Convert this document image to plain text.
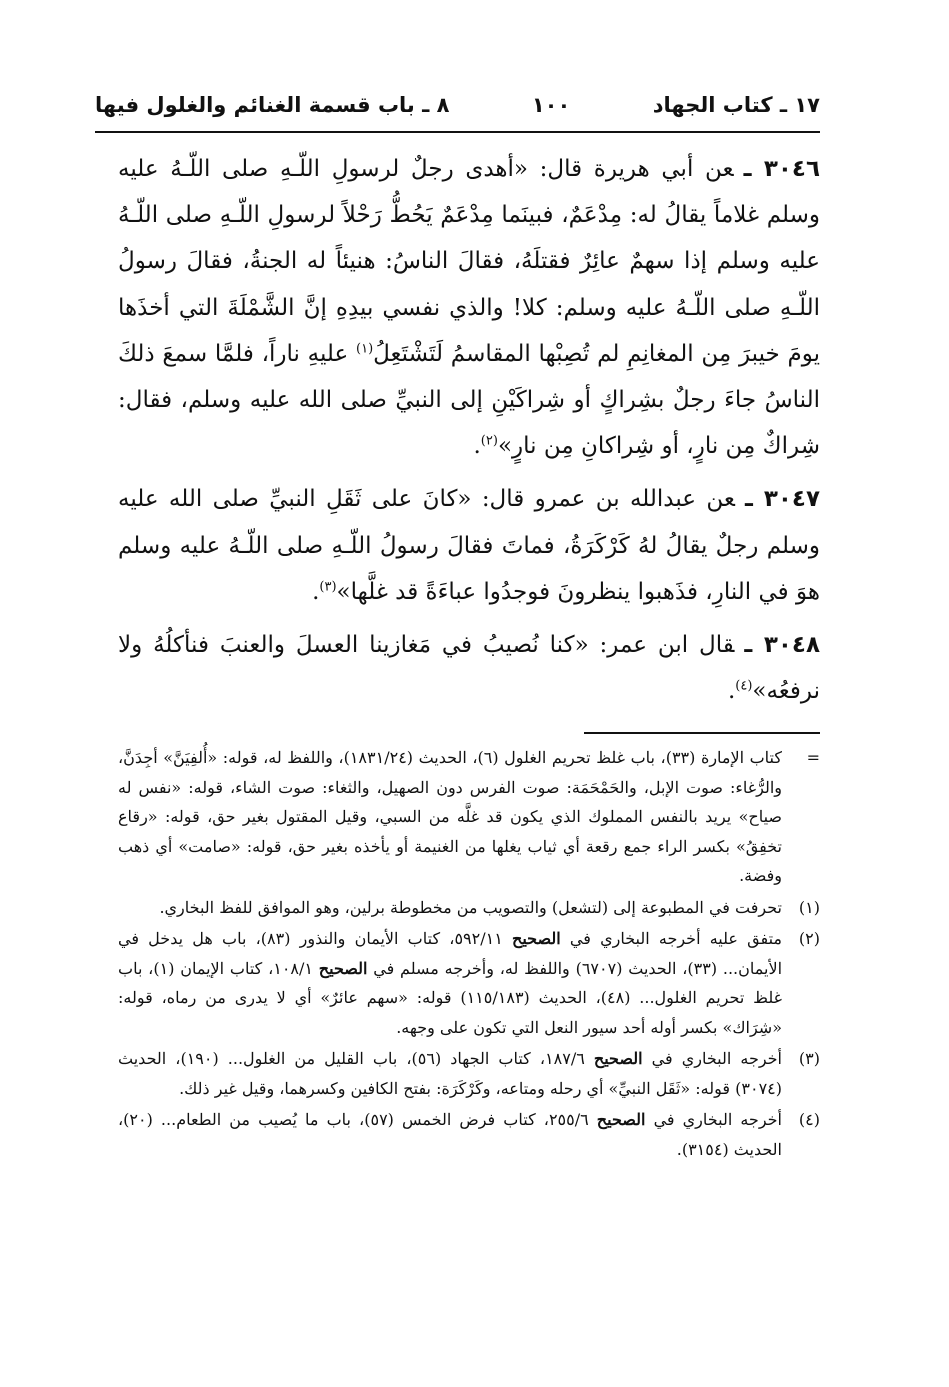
١٧ ـ كتاب الجهاد
١٠٠
٨ ـ باب قسمة الغنائم والغلول فيها

٣٠٤٦ ـعن أبي هريرة قال: «أهدى رجلٌ لرسولِ اللّـهِ صلى اللّـهُ عليه وسلم غلاماً يقالُ له: مِدْعَمٌ، فبينَما مِدْعَمٌ يَحُطُّ رَحْلاً لرسولِ اللّـهِ صلى اللّـهُ عليه وسلم إذا سهمٌ عائِرٌ فقتلَهُ، فقالَ الناسُ: هنيئاً له الجنةُ، فقالَ رسولُ اللّـهِ صلى اللّـهُ عليه وسلم: كلا! والذي نفسي بيدِهِ إنَّ الشَّمْلَةَ التي أخذَها يومَ خيبرَ مِن المغانِمِ لم تُصِبْها المقاسمُ لَتَشْتَعِلُ$^{(١)}$ عليهِ ناراً، فلمَّا سمعَ ذلكَ الناسُ جاءَ رجلٌ بشِراكٍ أو شِراكَيْنِ إلى النبيِّ صلى الله عليه وسلم، فقال: شِراكٌ مِن نارٍ، أو شِراكانِ مِن نارٍ»$^{(٢)}$.

٣٠٤٧ ـعن عبدالله بن عمرو قال: «كانَ على ثَقَلِ النبيِّ صلى الله عليه وسلم رجلٌ يقالُ لهُ كَرْكَرَةُ، فماتَ فقالَ رسولُ اللّـهِ صلى اللّـهُ عليه وسلم هوَ في النارِ، فذَهبوا ينظرونَ فوجدُوا عباءَةً قد غلَّها»$^{(٣)}$.

٣٠٤٨ ـقال ابن عمر: «كنا نُصيبُ في مَغازينا العسلَ والعنبَ فنأكلُهُ ولا نرفعُه»$^{(٤)}$.

=
كتاب الإمارة (٣٣)، باب غلظ تحريم الغلول (٦)، الحديث (١٨٣١/٢٤)، واللفظ له، قوله: «أُلفِيَنَّ» أجِدَنَّ، والرُّغاء: صوت الإبل، والحَمْحَمَة: صوت الفرس دون الصهيل، والثغاء: صوت الشاء، قوله: «نفس له صياح» يريد بالنفس المملوك الذي يكون قد غلَّه من السبي، وقيل المقتول بغير حق، قوله: «رقاع تخفِقُ» بكسر الراء جمع رقعة أي ثياب يغلها من الغنيمة أو يأخذه بغير حق، قوله: «صامت» أي ذهب وفضة.
(١)
تحرفت في المطبوعة إلى (لتشعل) والتصويب من مخطوطة برلين، وهو الموافق للفظ البخاري.
(٢)
متفق عليه أخرجه البخاري في الصحيح ٥٩٢/١١، كتاب الأيمان والنذور (٨٣)، باب هل يدخل في الأيمان... (٣٣)، الحديث (٦٧٠٧) واللفظ له، وأخرجه مسلم في الصحيح ١٠٨/١، كتاب الإيمان (١)، باب غلظ تحريم الغلول... (٤٨)، الحديث (١١٥/١٨٣) قوله: «سهم عائرٌ» أي لا يدرى من رماه، قوله: «شِرَاك» بكسر أوله أحد سيور النعل التي تكون على وجهه.
(٣)
أخرجه البخاري في الصحيح ١٨٧/٦، كتاب الجهاد (٥٦)، باب القليل من الغلول... (١٩٠)، الحديث (٣٠٧٤) قوله: «ثَقَل النبيِّ» أي رحله ومتاعه، وكَرْكَرَة: بفتح الكافين وكسرهما، وقيل غير ذلك.
(٤)
أخرجه البخاري في الصحيح ٢٥٥/٦، كتاب فرض الخمس (٥٧)، باب ما يُصيب من الطعام... (٢٠)، الحديث (٣١٥٤).
